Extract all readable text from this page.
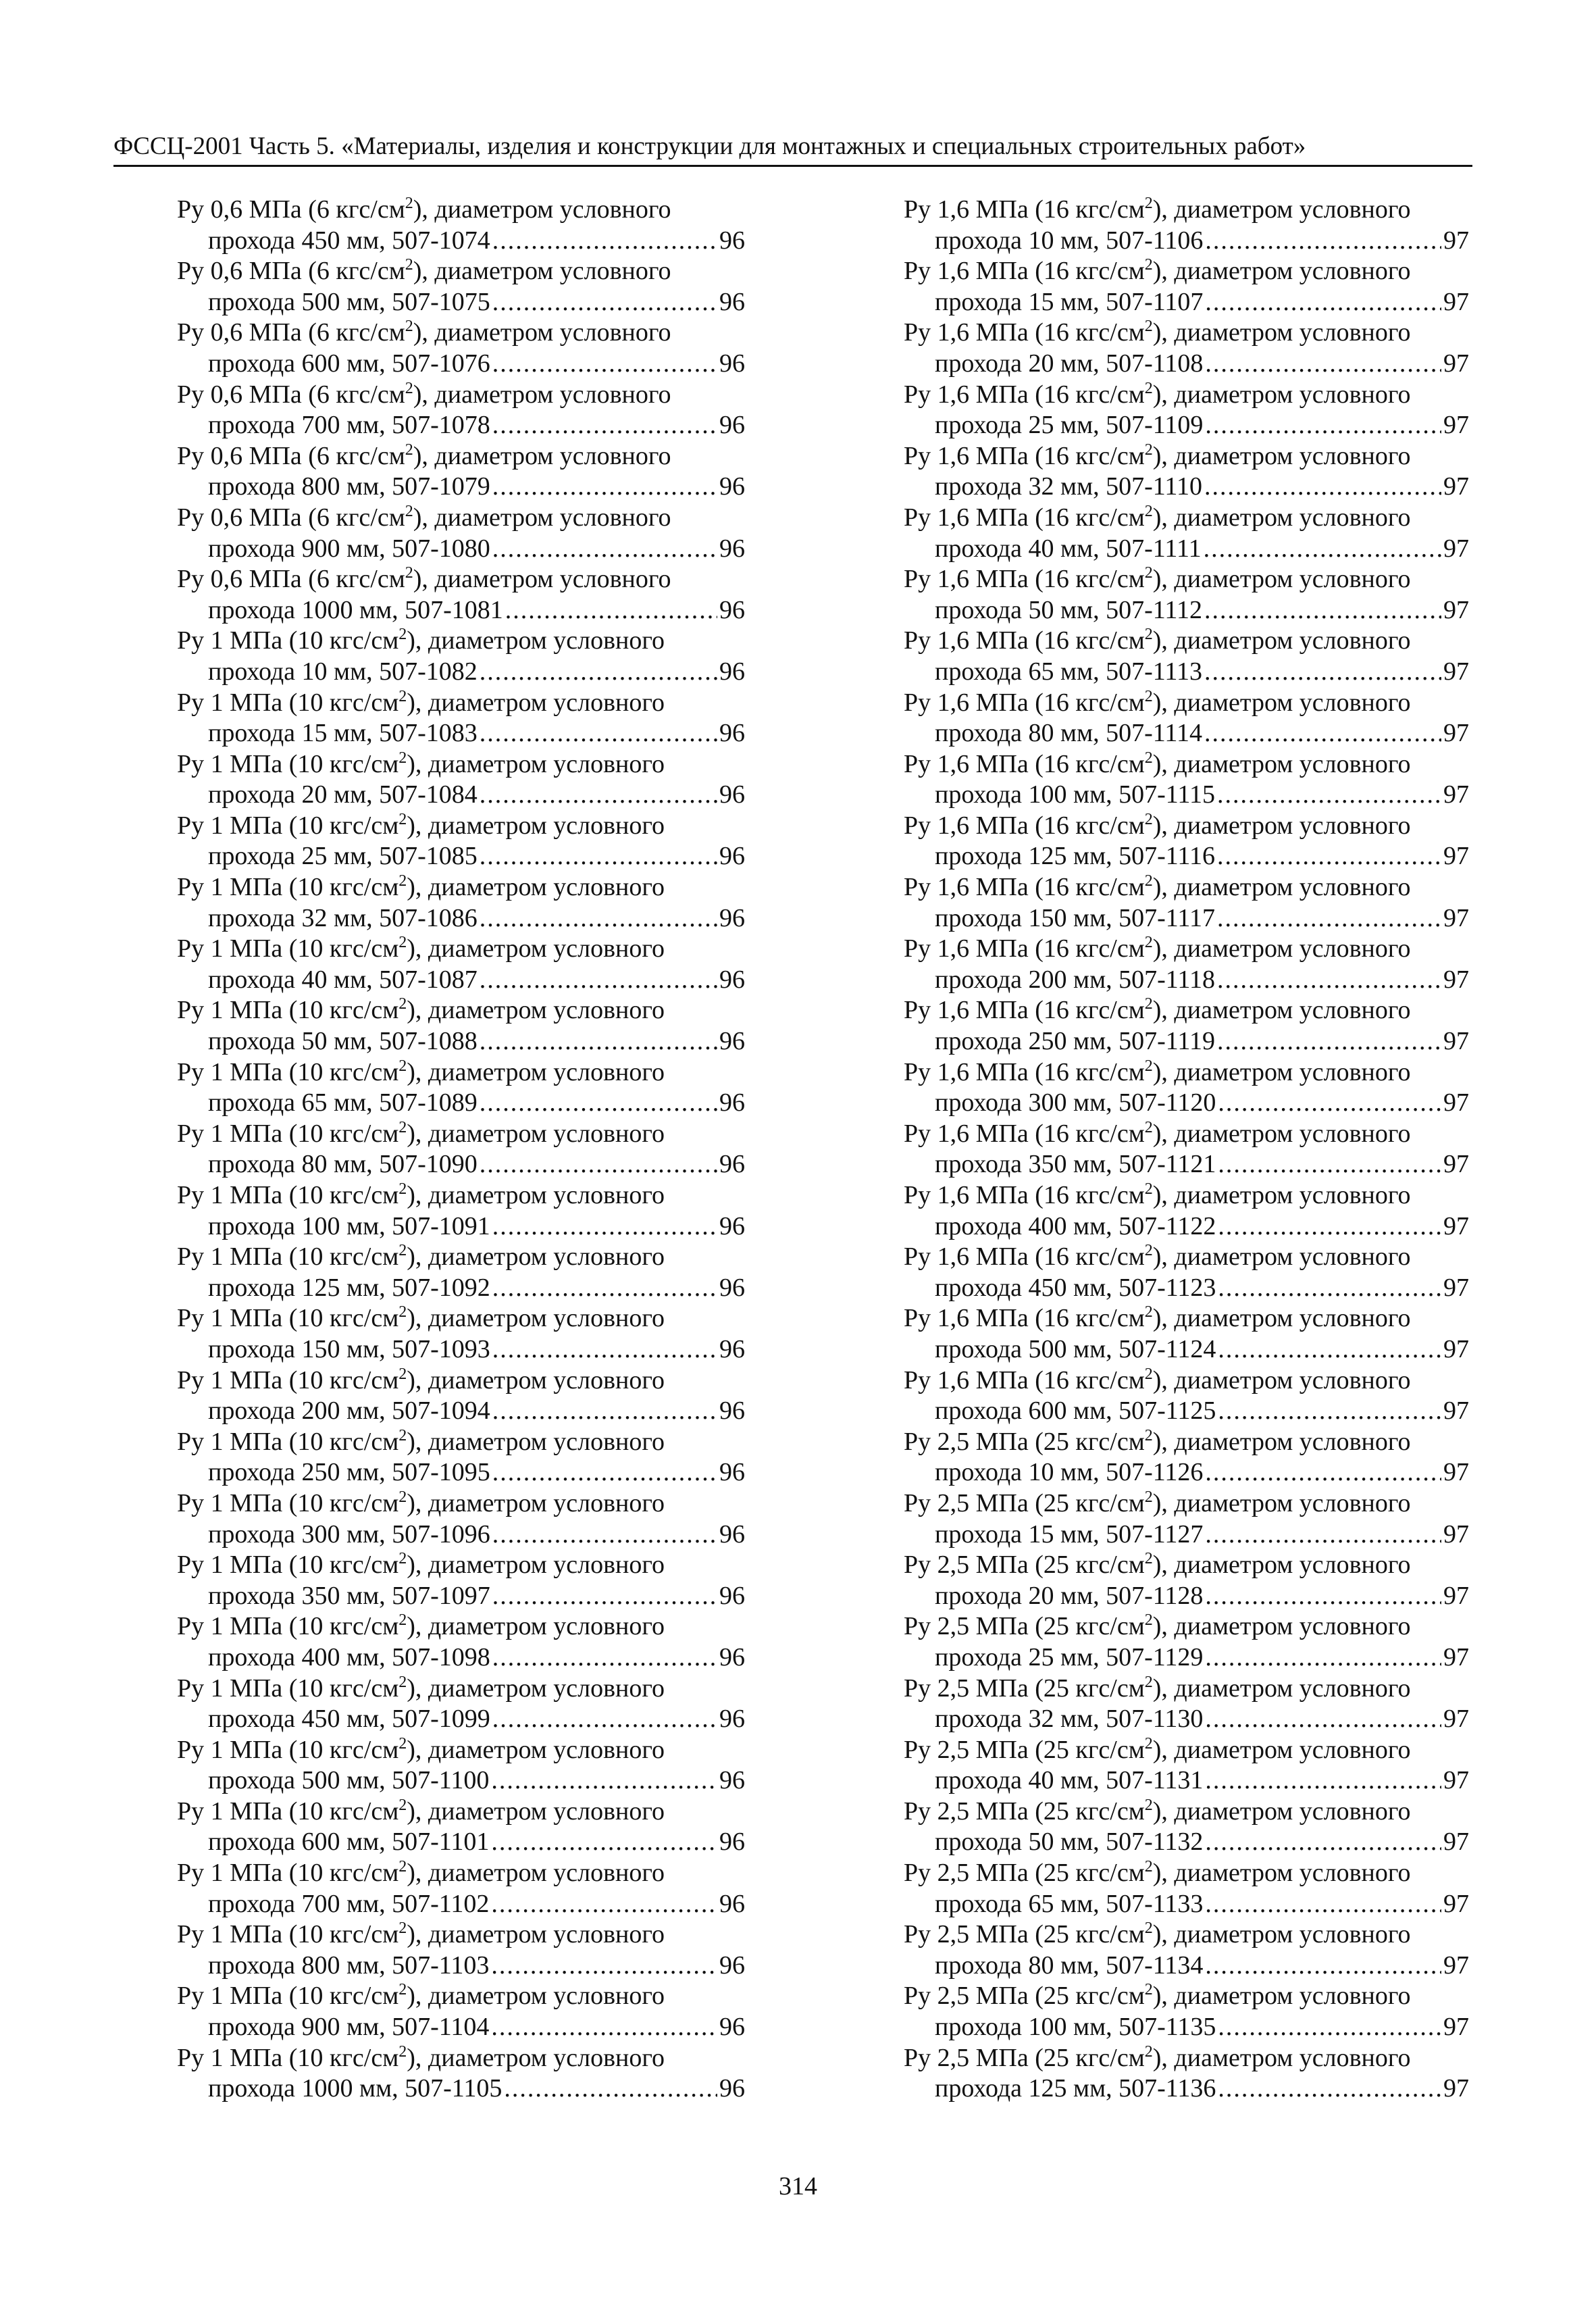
ФССЦ-2001 Часть 5. «Материалы, изделия и конструкции для монтажных и специальных строительных работ»
Ру 0,6 МПа (6 кгс/$см^2$), диаметром условного
прохода 450 мм, 507-1074 .....	96
Ру 0,6 МПа (6 кгс/$см^2$), диаметром условного
прохода 500 мм, 507-1075 .....	96
Ру 0,6 МПа (6 кгс/$см^2$), диаметром условного
прохода 600 мм, 507-1076 .....	96
Ру 0,6 МПа (6 кгс/$см^2$), диаметром условного
прохода 700 мм, 507-1078 .....	96
Ру 0,6 МПа (6 кгс/$см^2$), диаметром условного
прохода 800 мм, 507-1079 .....	96
Ру 0,6 МПа (6 кгс/$см^2$), диаметром условного
прохода 900 мм, 507-1080 .....	96
Ру 0,6 МПа (6 кгс/$см^2$), диаметром условного
прохода 1000 мм, 507-1081 .....	96
Ру 1 МПа (10 кгс/$см^2$), диаметром условного
прохода 10 мм, 507-1082 .....	96
Ру 1 МПа (10 кгс/$см^2$), диаметром условного
прохода 15 мм, 507-1083 .....	96
Ру 1 МПа (10 кгс/$см^2$), диаметром условного
прохода 20 мм, 507-1084 .....	96
Ру 1 МПа (10 кгс/$см^2$), диаметром условного
прохода 25 мм, 507-1085 .....	96
Ру 1 МПа (10 кгс/$см^2$), диаметром условного
прохода 32 мм, 507-1086 .....	96
Ру 1 МПа (10 кгс/$см^2$), диаметром условного
прохода 40 мм, 507-1087 .....	96
Ру 1 МПа (10 кгс/$см^2$), диаметром условного
прохода 50 мм, 507-1088 .....	96
Ру 1 МПа (10 кгс/$см^2$), диаметром условного
прохода 65 мм, 507-1089 .....	96
Ру 1 МПа (10 кгс/$см^2$), диаметром условного
прохода 80 мм, 507-1090 .....	96
Ру 1 МПа (10 кгс/$см^2$), диаметром условного
прохода 100 мм, 507-1091 .....	96
Ру 1 МПа (10 кгс/$см^2$), диаметром условного
прохода 125 мм, 507-1092 .....	96
Ру 1 МПа (10 кгс/$см^2$), диаметром условного
прохода 150 мм, 507-1093 .....	96
Ру 1 МПа (10 кгс/$см^2$), диаметром условного
прохода 200 мм, 507-1094 .....	96
Ру 1 МПа (10 кгс/$см^2$), диаметром условного
прохода 250 мм, 507-1095 .....	96
Ру 1 МПа (10 кгс/$см^2$), диаметром условного
прохода 300 мм, 507-1096 .....	96
Ру 1 МПа (10 кгс/$см^2$), диаметром условного
прохода 350 мм, 507-1097 .....	96
Ру 1 МПа (10 кгс/$см^2$), диаметром условного
прохода 400 мм, 507-1098 .....	96
Ру 1 МПа (10 кгс/$см^2$), диаметром условного
прохода 450 мм, 507-1099 .....	96
Ру 1 МПа (10 кгс/$см^2$), диаметром условного
прохода 500 мм, 507-1100 .....	96
Ру 1 МПа (10 кгс/$см^2$), диаметром условного
прохода 600 мм, 507-1101 .....	96
Ру 1 МПа (10 кгс/$см^2$), диаметром условного
прохода 700 мм, 507-1102 .....	96
Ру 1 МПа (10 кгс/$см^2$), диаметром условного
прохода 800 мм, 507-1103 .....	96
Ру 1 МПа (10 кгс/$см^2$), диаметром условного
прохода 900 мм, 507-1104 .....	96
Ру 1 МПа (10 кгс/$см^2$), диаметром условного
прохода 1000 мм, 507-1105 .....	96
Ру 1,6 МПа (16 кгс/$см^2$), диаметром условного
прохода 10 мм, 507-1106 .....	97
Ру 1,6 МПа (16 кгс/$см^2$), диаметром условного
прохода 15 мм, 507-1107 .....	97
Ру 1,6 МПа (16 кгс/$см^2$), диаметром условного
прохода 20 мм, 507-1108 .....	97
Ру 1,6 МПа (16 кгс/$см^2$), диаметром условного
прохода 25 мм, 507-1109 .....	97
Ру 1,6 МПа (16 кгс/$см^2$), диаметром условного
прохода 32 мм, 507-1110 .....	97
Ру 1,6 МПа (16 кгс/$см^2$), диаметром условного
прохода 40 мм, 507-1111 .....	97
Ру 1,6 МПа (16 кгс/$см^2$), диаметром условного
прохода 50 мм, 507-1112 .....	97
Ру 1,6 МПа (16 кгс/$см^2$), диаметром условного
прохода 65 мм, 507-1113 .....	97
Ру 1,6 МПа (16 кгс/$см^2$), диаметром условного
прохода 80 мм, 507-1114 .....	97
Ру 1,6 МПа (16 кгс/$см^2$), диаметром условного
прохода 100 мм, 507-1115 .....	97
Ру 1,6 МПа (16 кгс/$см^2$), диаметром условного
прохода 125 мм, 507-1116 .....	97
Ру 1,6 МПа (16 кгс/$см^2$), диаметром условного
прохода 150 мм, 507-1117 .....	97
Ру 1,6 МПа (16 кгс/$см^2$), диаметром условного
прохода 200 мм, 507-1118 .....	97
Ру 1,6 МПа (16 кгс/$см^2$), диаметром условного
прохода 250 мм, 507-1119 .....	97
Ру 1,6 МПа (16 кгс/$см^2$), диаметром условного
прохода 300 мм, 507-1120 .....	97
Ру 1,6 МПа (16 кгс/$см^2$), диаметром условного
прохода 350 мм, 507-1121 .....	97
Ру 1,6 МПа (16 кгс/$см^2$), диаметром условного
прохода 400 мм, 507-1122 .....	97
Ру 1,6 МПа (16 кгс/$см^2$), диаметром условного
прохода 450 мм, 507-1123 .....	97
Ру 1,6 МПа (16 кгс/$см^2$), диаметром условного
прохода 500 мм, 507-1124 .....	97
Ру 1,6 МПа (16 кгс/$см^2$), диаметром условного
прохода 600 мм, 507-1125 .....	97
Ру 2,5 МПа (25 кгс/$см^2$), диаметром условного
прохода 10 мм, 507-1126 .....	97
Ру 2,5 МПа (25 кгс/$см^2$), диаметром условного
прохода 15 мм, 507-1127 .....	97
Ру 2,5 МПа (25 кгс/$см^2$), диаметром условного
прохода 20 мм, 507-1128 .....	97
Ру 2,5 МПа (25 кгс/$см^2$), диаметром условного
прохода 25 мм, 507-1129 .....	97
Ру 2,5 МПа (25 кгс/$см^2$), диаметром условного
прохода 32 мм, 507-1130 .....	97
Ру 2,5 МПа (25 кгс/$см^2$), диаметром условного
прохода 40 мм, 507-1131 .....	97
Ру 2,5 МПа (25 кгс/$см^2$), диаметром условного
прохода 50 мм, 507-1132 .....	97
Ру 2,5 МПа (25 кгс/$см^2$), диаметром условного
прохода 65 мм, 507-1133 .....	97
Ру 2,5 МПа (25 кгс/$см^2$), диаметром условного
прохода 80 мм, 507-1134 .....	97
Ру 2,5 МПа (25 кгс/$см^2$), диаметром условного
прохода 100 мм, 507-1135 .....	97
Ру 2,5 МПа (25 кгс/$см^2$), диаметром условного
прохода 125 мм, 507-1136 .....	97
314
